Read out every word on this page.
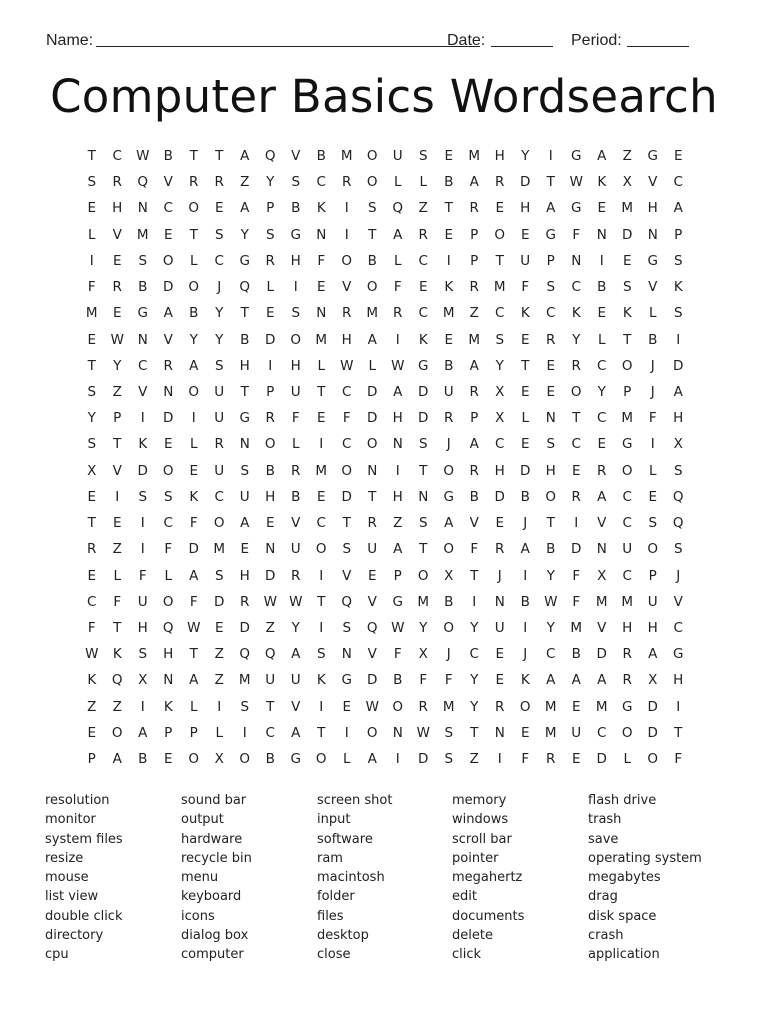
Name:	Date:	Period:
Computer Basics Wordsearch
T	C	W	B	T	T	A	Q	V	B	M	O	U	S	E	M	H	Y	I	G	A	Z	G	E
S	R	Q	V	R	R	Z	Y	S	C	R	O	L	L	B	A	R	D	T	W	K	X	V	C
E	H	N	C	O	E	A	P	B	K	I	S	Q	Z	T	R	E	H	A	G	E	M	H	A
L	V	M	E	T	S	Y	S	G	N	I	T	A	R	E	P	O	E	G	F	N	D	N	P
I	E	S	O	L	C	G	R	H	F	O	B	L	C	I	P	T	U	P	N	I	E	G	S
F	R	B	D	O	J	Q	L	I	E	V	O	F	E	K	R	M	F	S	C	B	S	V	K
M	E	G	A	B	Y	T	E	S	N	R	M	R	C	M	Z	C	K	C	K	E	K	L	S
E	W	N	V	Y	Y	B	D	O	M	H	A	I	K	E	M	S	E	R	Y	L	T	B	I
T	Y	C	R	A	S	H	I	H	L	W	L	W	G	B	A	Y	T	E	R	C	O	J	D
S	Z	V	N	O	U	T	P	U	T	C	D	A	D	U	R	X	E	E	O	Y	P	J	A
Y	P	I	D	I	U	G	R	F	E	F	D	H	D	R	P	X	L	N	T	C	M	F	H
S	T	K	E	L	R	N	O	L	I	C	O	N	S	J	A	C	E	S	C	E	G	I	X
X	V	D	O	E	U	S	B	R	M	O	N	I	T	O	R	H	D	H	E	R	O	L	S
E	I	S	S	K	C	U	H	B	E	D	T	H	N	G	B	D	B	O	R	A	C	E	Q
T	E	I	C	F	O	A	E	V	C	T	R	Z	S	A	V	E	J	T	I	V	C	S	Q
R	Z	I	F	D	M	E	N	U	O	S	U	A	T	O	F	R	A	B	D	N	U	O	S
E	L	F	L	A	S	H	D	R	I	V	E	P	O	X	T	J	I	Y	F	X	C	P	J
C	F	U	O	F	D	R	W W	T	Q	V	G	M	B	I	N	B	W	F	M	M	U	V
F	T	H	Q	W	E	D	Z	Y	I	S	Q	W	Y	O	Y	U	I	Y	M	V	H	H	C
W	K	S	H	T	Z	Q	Q	A	S	N	V	F	X	J	C	E	J	C	B	D	R	A	G
K	Q	X	N	A	Z	M	U	U	K	G	D	B	F	F	Y	E	K	A	A	A	R	X	H
Z	Z	I	K	L	I	S	T	V	I	E	W	O	R	M	Y	R	O	M	E	M	G	D	I
E	O	A	P	P	L	I	C	A	T	I	O	N	W	S	T	N	E	M	U	C	O	D	T
P	A	B	E	O	X	O	B	G	O	L	A	I	D	S	Z	I	F	R	E	D	L	O	F
resolution
monitor
system files
resize
mouse
list view
double click
directory
cpu
sound bar
output
hardware
recycle bin
menu
keyboard
icons
dialog box
computer
screen shot
input
software
ram
macintosh
folder
files
desktop
close
memory
windows
scroll bar
pointer
megahertz
edit
documents
delete
click
flash drive
trash
save
operating system
megabytes
drag
disk space
crash
application
